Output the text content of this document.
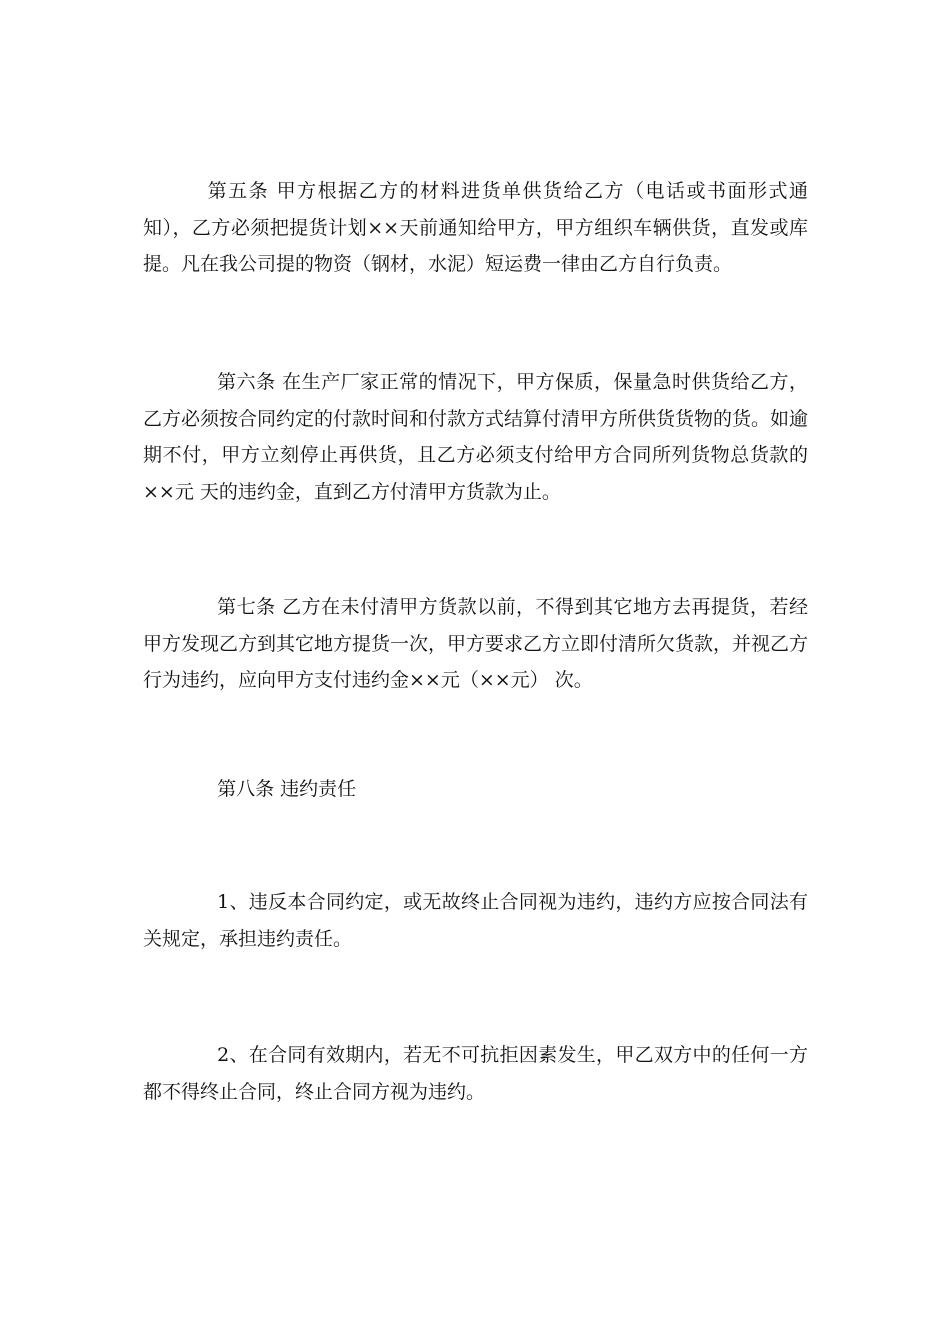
第五条 甲方根据乙方的材料进货单供货给乙方（电话或书面形式通知），乙方必须把提货计划××天前通知给甲方，甲方组织车辆供货，直发或库提。凡在我公司提的物资（钢材，水泥）短运费一律由乙方自行负责。

第六条 在生产厂家正常的情况下，甲方保质，保量急时供货给乙方，乙方必须按合同约定的付款时间和付款方式结算付清甲方所供货货物的货。如逾期不付，甲方立刻停止再供货，且乙方必须支付给甲方合同所列货物总货款的××元 天的违约金，直到乙方付清甲方货款为止。

第七条 乙方在未付清甲方货款以前，不得到其它地方去再提货，若经甲方发现乙方到其它地方提货一次，甲方要求乙方立即付清所欠货款，并视乙方行为违约，应向甲方支付违约金××元（××元） 次。

第八条 违约责任

1、违反本合同约定，或无故终止合同视为违约，违约方应按合同法有关规定，承担违约责任。

2、在合同有效期内，若无不可抗拒因素发生，甲乙双方中的任何一方都不得终止合同，终止合同方视为违约。
